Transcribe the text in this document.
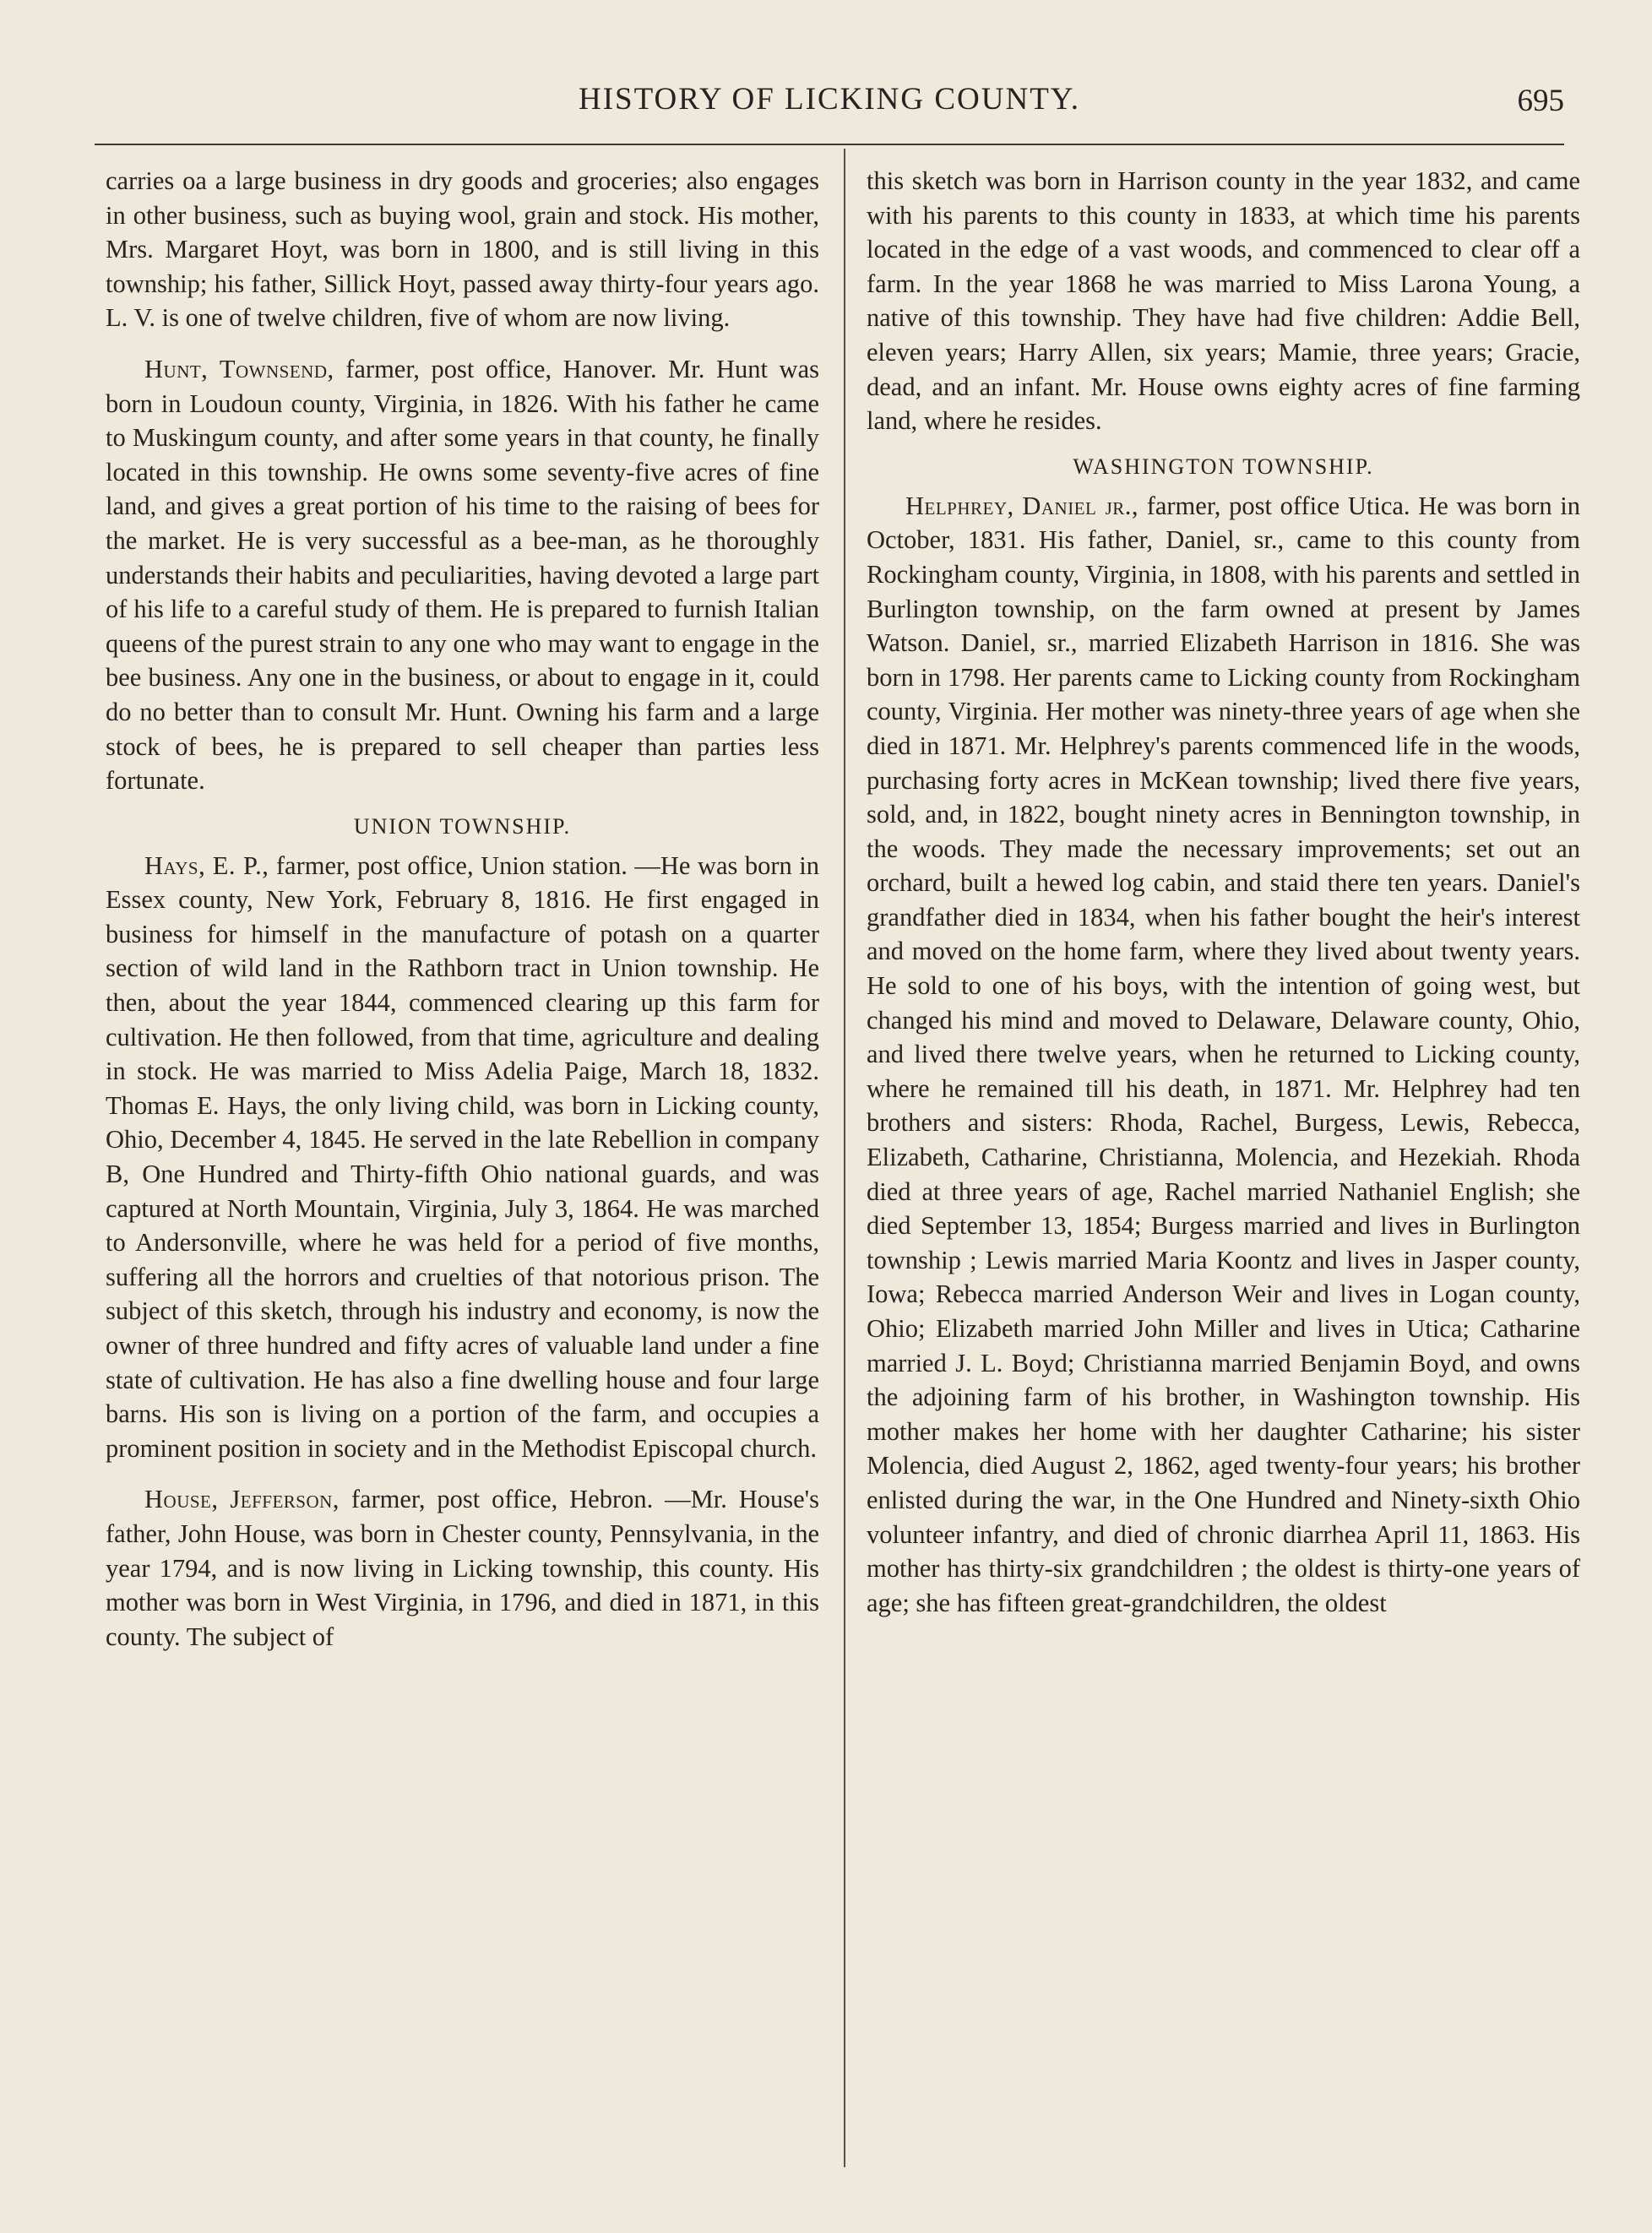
HISTORY OF LICKING COUNTY.	695

carries oa a large business in dry goods and groceries; also engages in other business, such as buying wool, grain and stock. His mother, Mrs. Margaret Hoyt, was born in 1800, and is still living in this township; his father, Sillick Hoyt, passed away thirty-four years ago. L. V. is one of twelve children, five of whom are now living.

Hunt, Townsend, farmer, post office, Hanover. Mr. Hunt was born in Loudoun county, Virginia, in 1826. With his father he came to Muskingum county, and after some years in that county, he finally located in this township. He owns some seventy-five acres of fine land, and gives a great portion of his time to the raising of bees for the market. He is very successful as a bee-man, as he thoroughly understands their habits and peculiarities, having devoted a large part of his life to a careful study of them. He is prepared to furnish Italian queens of the purest strain to any one who may want to engage in the bee business. Any one in the business, or about to engage in it, could do no better than to consult Mr. Hunt. Owning his farm and a large stock of bees, he is prepared to sell cheaper than parties less fortunate.

UNION TOWNSHIP.

Hays, E. P., farmer, post office, Union station. —He was born in Essex county, New York, February 8, 1816. He first engaged in business for himself in the manufacture of potash on a quarter section of wild land in the Rathborn tract in Union township. He then, about the year 1844, commenced clearing up this farm for cultivation. He then followed, from that time, agriculture and dealing in stock. He was married to Miss Adelia Paige, March 18, 1832. Thomas E. Hays, the only living child, was born in Licking county, Ohio, December 4, 1845. He served in the late Rebellion in company B, One Hundred and Thirty-fifth Ohio national guards, and was captured at North Mountain, Virginia, July 3, 1864. He was marched to Andersonville, where he was held for a period of five months, suffering all the horrors and cruelties of that notorious prison. The subject of this sketch, through his industry and economy, is now the owner of three hundred and fifty acres of valuable land under a fine state of cultivation. He has also a fine dwelling house and four large barns. His son is living on a portion of the farm, and occupies a prominent position in society and in the Methodist Episcopal church.

House, Jefferson, farmer, post office, Hebron. —Mr. House's father, John House, was born in Chester county, Pennsylvania, in the year 1794, and is now living in Licking township, this county. His mother was born in West Virginia, in 1796, and died in 1871, in this county. The subject of

this sketch was born in Harrison county in the year 1832, and came with his parents to this county in 1833, at which time his parents located in the edge of a vast woods, and commenced to clear off a farm. In the year 1868 he was married to Miss Larona Young, a native of this township. They have had five children: Addie Bell, eleven years; Harry Allen, six years; Mamie, three years; Gracie, dead, and an infant. Mr. House owns eighty acres of fine farming land, where he resides.

WASHINGTON TOWNSHIP.

Helphrey, Daniel jr., farmer, post office Utica. He was born in October, 1831. His father, Daniel, sr., came to this county from Rockingham county, Virginia, in 1808, with his parents and settled in Burlington township, on the farm owned at present by James Watson. Daniel, sr., married Elizabeth Harrison in 1816. She was born in 1798. Her parents came to Licking county from Rockingham county, Virginia. Her mother was ninety-three years of age when she died in 1871. Mr. Helphrey's parents commenced life in the woods, purchasing forty acres in McKean township; lived there five years, sold, and, in 1822, bought ninety acres in Bennington township, in the woods. They made the necessary improvements; set out an orchard, built a hewed log cabin, and staid there ten years. Daniel's grandfather died in 1834, when his father bought the heir's interest and moved on the home farm, where they lived about twenty years. He sold to one of his boys, with the intention of going west, but changed his mind and moved to Delaware, Delaware county, Ohio, and lived there twelve years, when he returned to Licking county, where he remained till his death, in 1871. Mr. Helphrey had ten brothers and sisters: Rhoda, Rachel, Burgess, Lewis, Rebecca, Elizabeth, Catharine, Christianna, Molencia, and Hezekiah. Rhoda died at three years of age, Rachel married Nathaniel English; she died September 13, 1854; Burgess married and lives in Burlington township ; Lewis married Maria Koontz and lives in Jasper county, Iowa; Rebecca married Anderson Weir and lives in Logan county, Ohio; Elizabeth married John Miller and lives in Utica; Catharine married J. L. Boyd; Christianna married Benjamin Boyd, and owns the adjoining farm of his brother, in Washington township. His mother makes her home with her daughter Catharine; his sister Molencia, died August 2, 1862, aged twenty-four years; his brother enlisted during the war, in the One Hundred and Ninety-sixth Ohio volunteer infantry, and died of chronic diarrhea April 11, 1863. His mother has thirty-six grandchildren ; the oldest is thirty-one years of age; she has fifteen great-grandchildren, the oldest
